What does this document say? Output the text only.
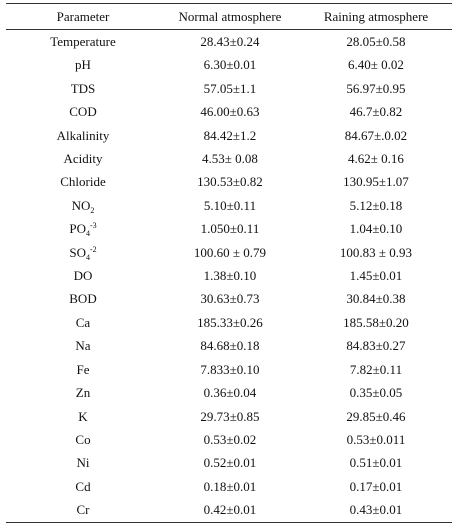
Parameter	Normal atmosphere	Raining atmosphere
Temperature	28.43±0.24	28.05±0.58
pH	6.30±0.01	6.40± 0.02
TDS	57.05±1.1	56.97±0.95
COD	46.00±0.63	46.7±0.82
Alkalinity	84.42±1.2	84.67±.0.02
Acidity	4.53± 0.08	4.62± 0.16
Chloride	130.53±0.82	130.95±1.07
$NO_2$	5.10±0.11	5.12±0.18
$PO_4^{-3}$	1.050±0.11	1.04±0.10
$SO_4^{-2}$	100.60 ± 0.79	100.83 ± 0.93
DO	1.38±0.10	1.45±0.01
BOD	30.63±0.73	30.84±0.38
Ca	185.33±0.26	185.58±0.20
Na	84.68±0.18	84.83±0.27
Fe	7.833±0.10	7.82±0.11
Zn	0.36±0.04	0.35±0.05
K	29.73±0.85	29.85±0.46
Co	0.53±0.02	0.53±0.011
Ni	0.52±0.01	0.51±0.01
Cd	0.18±0.01	0.17±0.01
Cr	0.42±0.01	0.43±0.01
